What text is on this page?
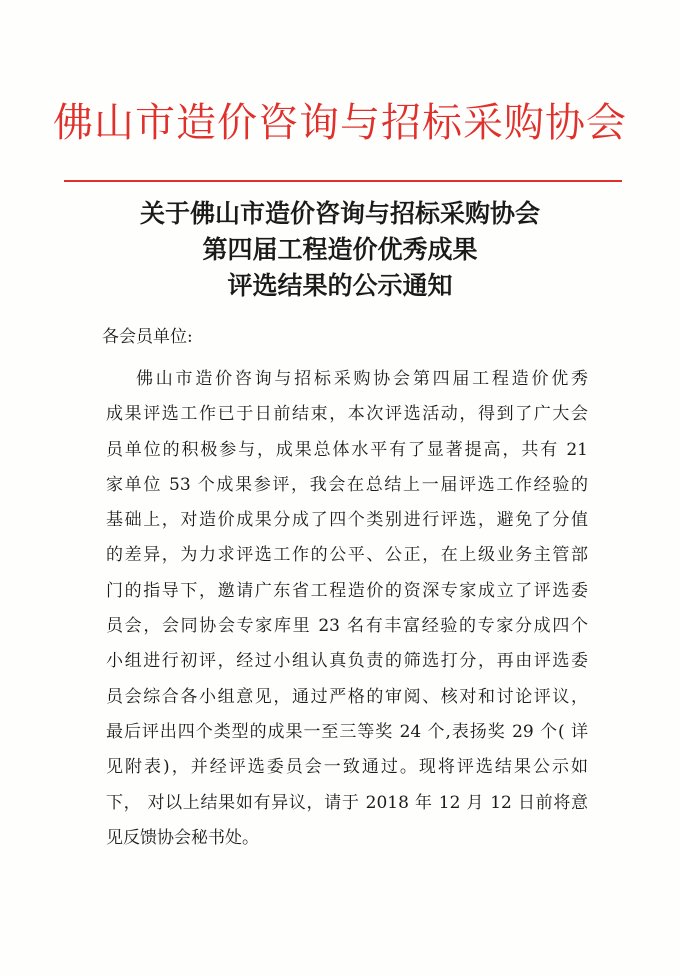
佛山市造价咨询与招标采购协会
关于佛山市造价咨询与招标采购协会
第四届工程造价优秀成果
评选结果的公示通知
各会员单位:
佛山市造价咨询与招标采购协会第四届工程造价优秀
成果评选工作已于日前结束，本次评选活动，得到了广大会
员单位的积极参与，成果总体水平有了显著提高，共有 21
家单位 53 个成果参评，我会在总结上一届评选工作经验的
基础上，对造价成果分成了四个类别进行评选，避免了分值
的差异，为力求评选工作的公平、公正，在上级业务主管部
门的指导下，邀请广东省工程造价的资深专家成立了评选委
员会，会同协会专家库里 23 名有丰富经验的专家分成四个
小组进行初评，经过小组认真负责的筛选打分，再由评选委
员会综合各小组意见，通过严格的审阅、核对和讨论评议，
最后评出四个类型的成果一至三等奖 24 个,表扬奖 29 个( 详
见附表)，并经评选委员会一致通过。现将评选结果公示如
下， 对以上结果如有异议，请于 2018 年 12 月 12 日前将意
见反馈协会秘书处。
